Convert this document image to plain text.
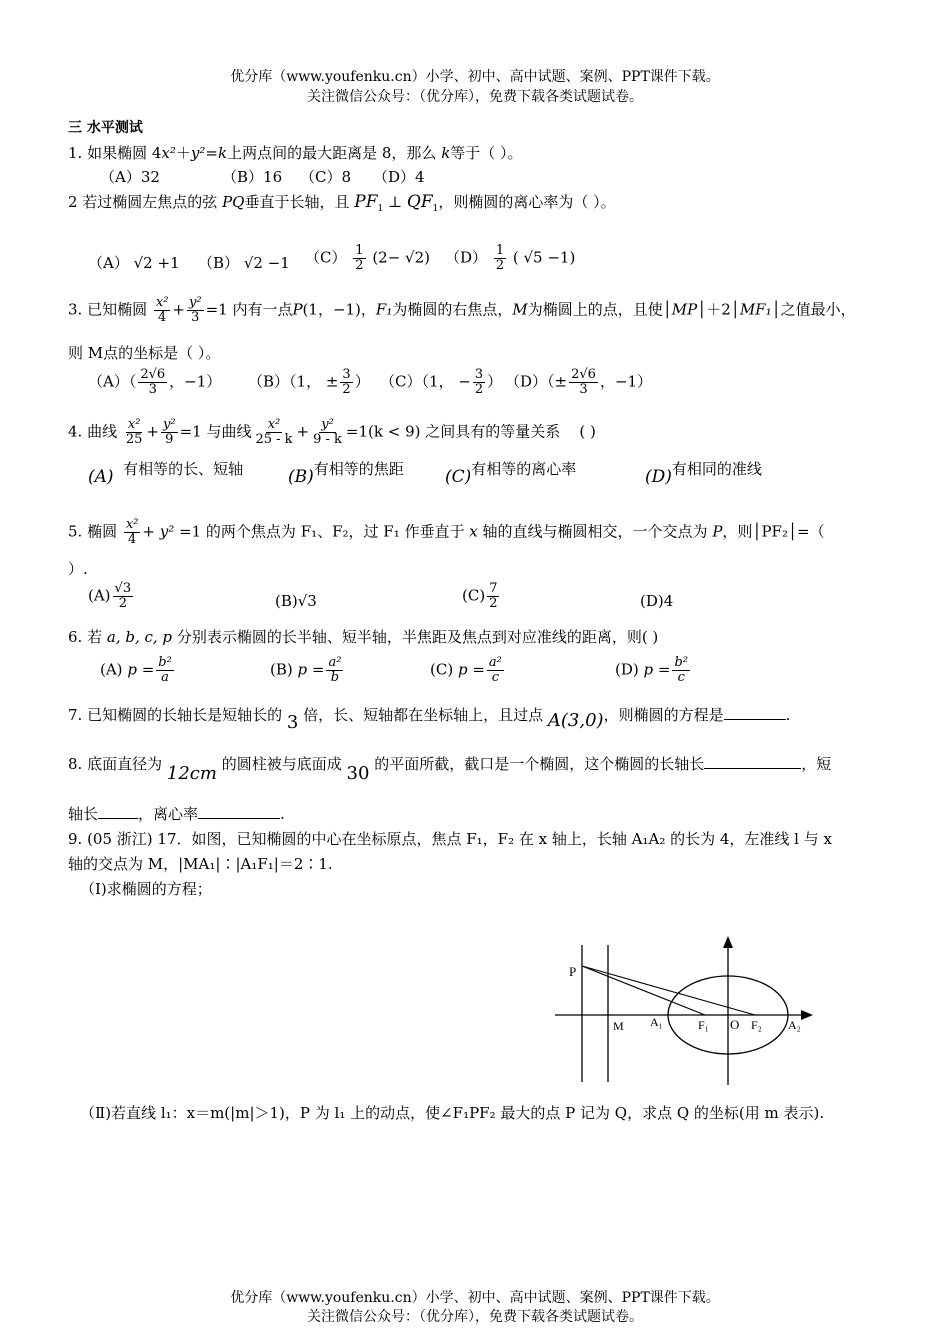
优分库（www.youfenku.cn）小学、初中、高中试题、案例、PPT课件下载。
关注微信公众号：（优分库），免费下载各类试题试卷。
三 水平测试
1. 如果椭圆 4x²＋y²=k上两点间的最大距离是 8，那么 k等于（ ）。
（A）32	（B）16 （C）8 （D）4
2 若过椭圆左焦点的弦 PQ垂直于长轴，且 $PF_1$ ⊥ $QF_1$，则椭圆的离心率为（ ）。
（A） √2 +1 （B） √2 −1 $(C) \frac{1}{2} (2- √2)$ $(D) \frac{1}{2}$ ( √5 −1)
3. 已知椭圆 $\frac{\text{x²}}{4} + \frac{\text{y²}}{3} =1$ 内有一点P(1，−1)，F₁为椭圆的右焦点，M为椭圆上的点，且使│MP│＋2│MF₁│之值最小，
则 M点的坐标是（ ）。
$(A)( \frac{2√6}{3}$ ，−1） （B）（1， ± $\frac{3}{2}$ ） （C）（1， − $\frac{3}{2}$ ） $(D)(\pm \frac{2√6}{3}$ ，−1）
4. 曲线 $\frac{\text{x²}}{25} + \frac{\text{y²}}{9} =1$ 与曲线 $\frac{\text{x²}}{25 - k} + \frac{\text{y²}}{9 - k} =1(k < 9)$ 之间具有的等量关系 ( )
(A) 有相等的长、短轴	(B)有相等的焦距 (C)有相等的离心率	(D)有相同的准线
5. 椭圆 $\frac{\text{x²}}{4} + y^2 =1$ 的两个焦点为 F₁、F₂，过 F₁ 作垂直于 x 轴的直线与椭圆相交，一个交点为 P，则│PF₂│=（
）.
$(A) \frac{√3}{2}$	(B)√3	$(C) \frac{7}{2}$	(D)4
6. 若 a, b, c, p 分别表示椭圆的长半轴、短半轴，半焦距及焦点到对应准线的距离，则( )
(A) $p = \frac{\text{b²}}{a}$	(B) $p = \frac{\text{a²}}{b}$	(C) $p = \frac{\text{a²}}{c}$	(D) $p = \frac{\text{b²}}{c}$
7. 已知椭圆的长轴长是短轴长的 3 倍，长、短轴都在坐标轴上，且过点 A(3,0)，则椭圆的方程是	.
8. 底面直径为 12cm 的圆柱被与底面成 30 的平面所截，截口是一个椭圆，这个椭圆的长轴长	，短
轴长	，离心率	.
9. (05 浙江) 17．如图，已知椭圆的中心在坐标原点，焦点 F₁，F₂ 在 x 轴上，长轴 A₁A₂ 的长为 4，左准线 l 与 x
轴的交点为 M，|MA₁|∶|A₁F₁|＝2∶1.
（Ⅰ)求椭圆的方程；
P
M A₁	F₁ O F₂ A₂
（Ⅱ)若直线 l₁：x＝m(|m|＞1)，P 为 l₁ 上的动点，使∠F₁PF₂ 最大的点 P 记为 Q，求点 Q 的坐标(用 m 表示).
优分库（www.youfenku.cn）小学、初中、高中试题、案例、PPT课件下载。
关注微信公众号：（优分库），免费下载各类试题试卷。
